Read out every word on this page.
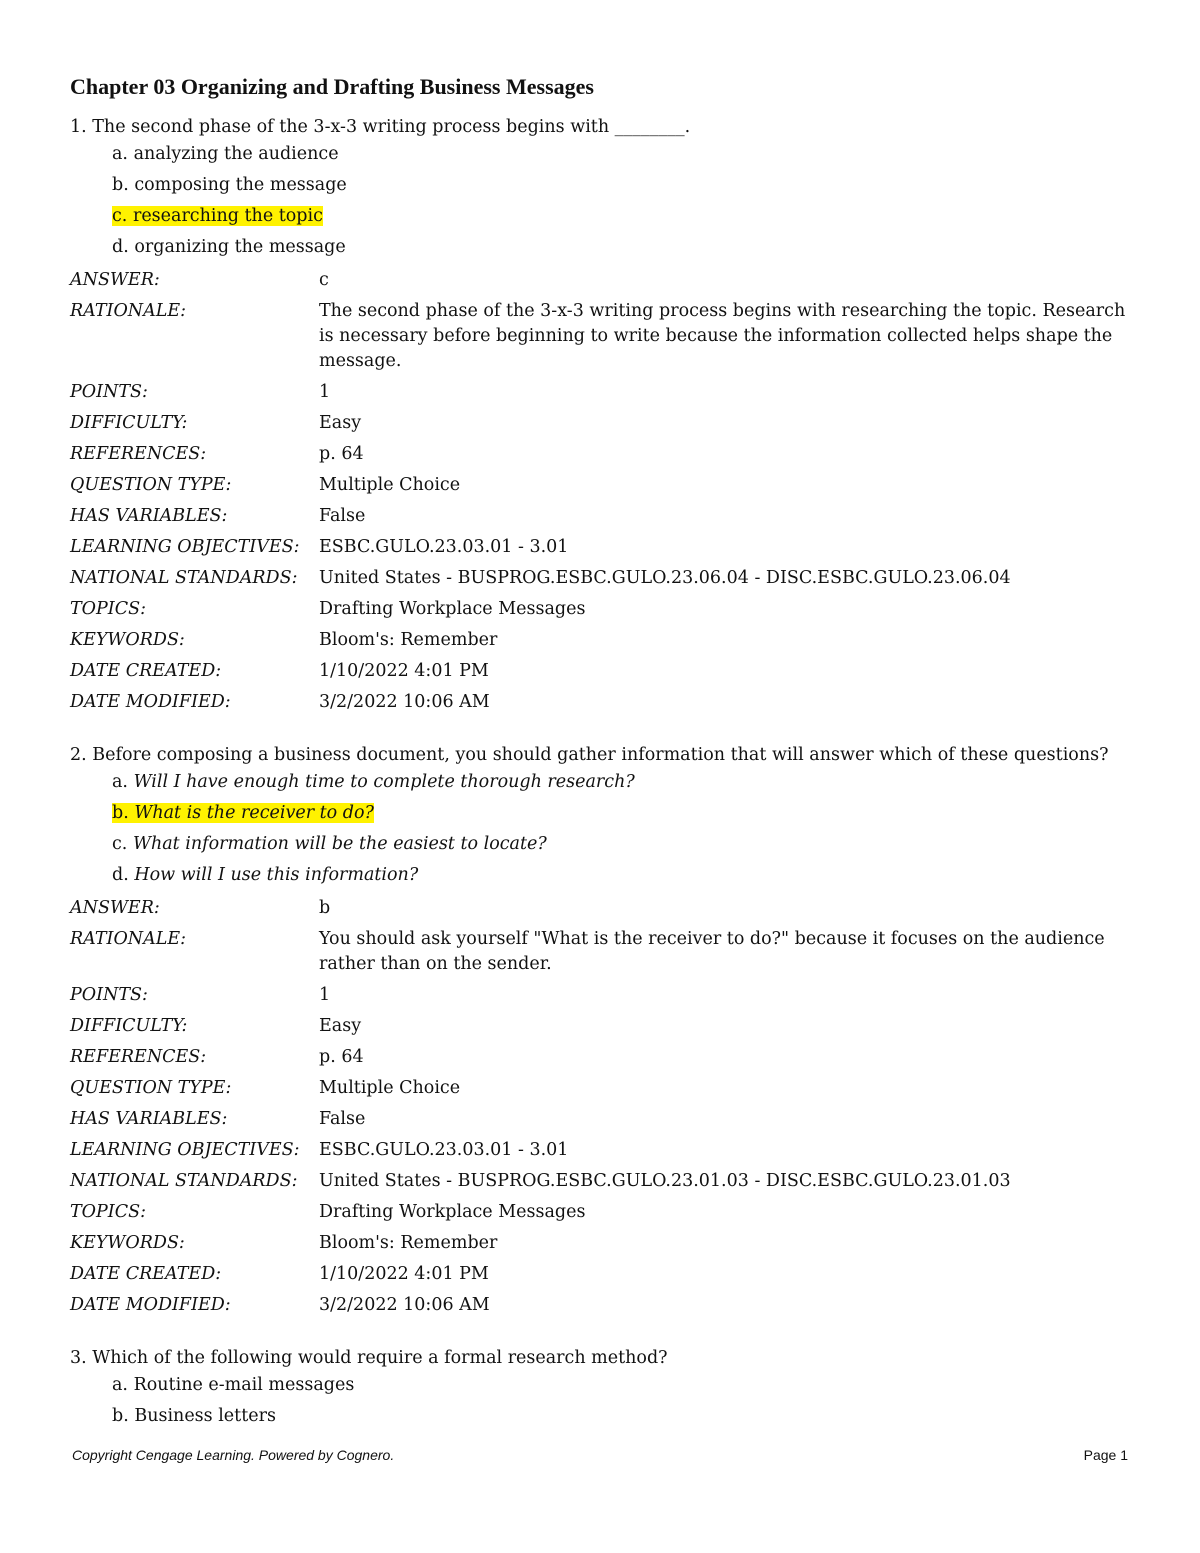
Chapter 03 Organizing and Drafting Business Messages
1. The second phase of the 3-x-3 writing process begins with ________.
a. analyzing the audience
b. composing the message
c. researching the topic
d. organizing the message
ANSWER:	c
RATIONALE:	The second phase of the 3-x-3 writing process begins with researching the topic. Research is necessary before beginning to write because the information collected helps shape the message.
POINTS:	1
DIFFICULTY:	Easy
REFERENCES:	p. 64
QUESTION TYPE:	Multiple Choice
HAS VARIABLES:	False
LEARNING OBJECTIVES:	ESBC.GULO.23.03.01 - 3.01
NATIONAL STANDARDS:	United States - BUSPROG.ESBC.GULO.23.06.04 - DISC.ESBC.GULO.23.06.04
TOPICS:	Drafting Workplace Messages
KEYWORDS:	Bloom's: Remember
DATE CREATED:	1/10/2022 4:01 PM
DATE MODIFIED:	3/2/2022 10:06 AM
2. Before composing a business document, you should gather information that will answer which of these questions?
a. Will I have enough time to complete thorough research?
b. What is the receiver to do?
c. What information will be the easiest to locate?
d. How will I use this information?
ANSWER:	b
RATIONALE:	You should ask yourself "What is the receiver to do?" because it focuses on the audience rather than on the sender.
POINTS:	1
DIFFICULTY:	Easy
REFERENCES:	p. 64
QUESTION TYPE:	Multiple Choice
HAS VARIABLES:	False
LEARNING OBJECTIVES:	ESBC.GULO.23.03.01 - 3.01
NATIONAL STANDARDS:	United States - BUSPROG.ESBC.GULO.23.01.03 - DISC.ESBC.GULO.23.01.03
TOPICS:	Drafting Workplace Messages
KEYWORDS:	Bloom's: Remember
DATE CREATED:	1/10/2022 4:01 PM
DATE MODIFIED:	3/2/2022 10:06 AM
3. Which of the following would require a formal research method?
a. Routine e-mail messages
b. Business letters
Copyright Cengage Learning. Powered by Cognero.	Page 1
